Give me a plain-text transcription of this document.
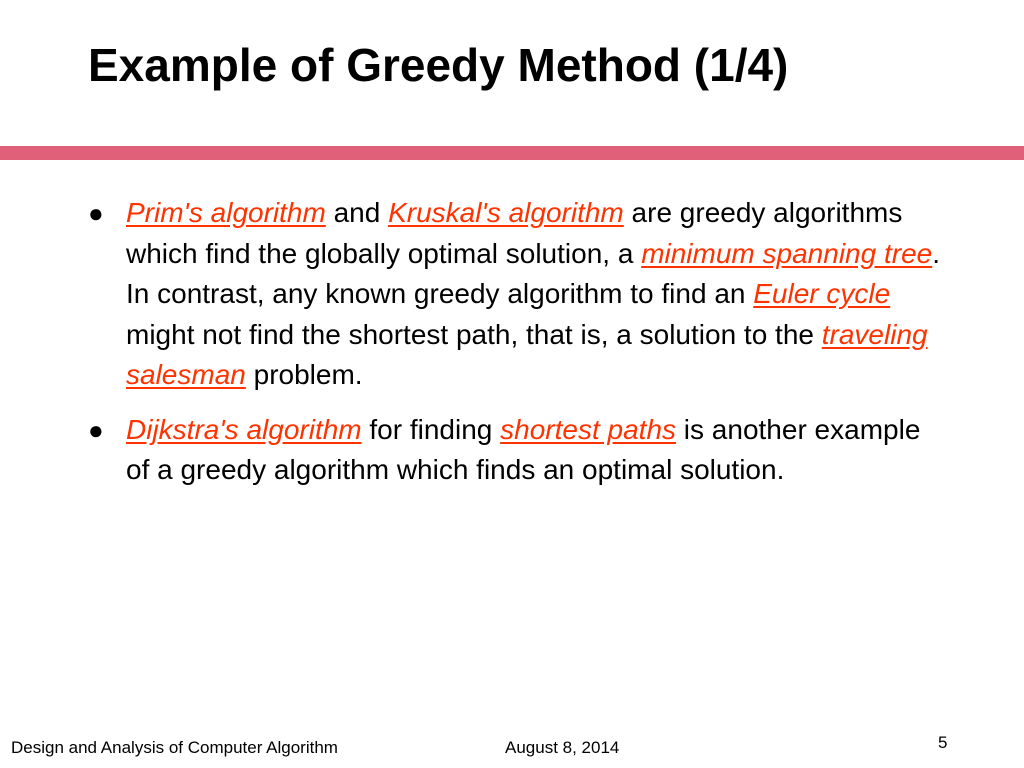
Example of Greedy Method (1/4)
● Prim's algorithm and Kruskal's algorithm are greedy algorithms which find the globally optimal solution, a minimum spanning tree. In contrast, any known greedy algorithm to find an Euler cycle might not find the shortest path, that is, a solution to the traveling salesman problem.
● Dijkstra's algorithm for finding shortest paths is another example of a greedy algorithm which finds an optimal solution.
Design and Analysis of Computer Algorithm	August 8, 2014	5
